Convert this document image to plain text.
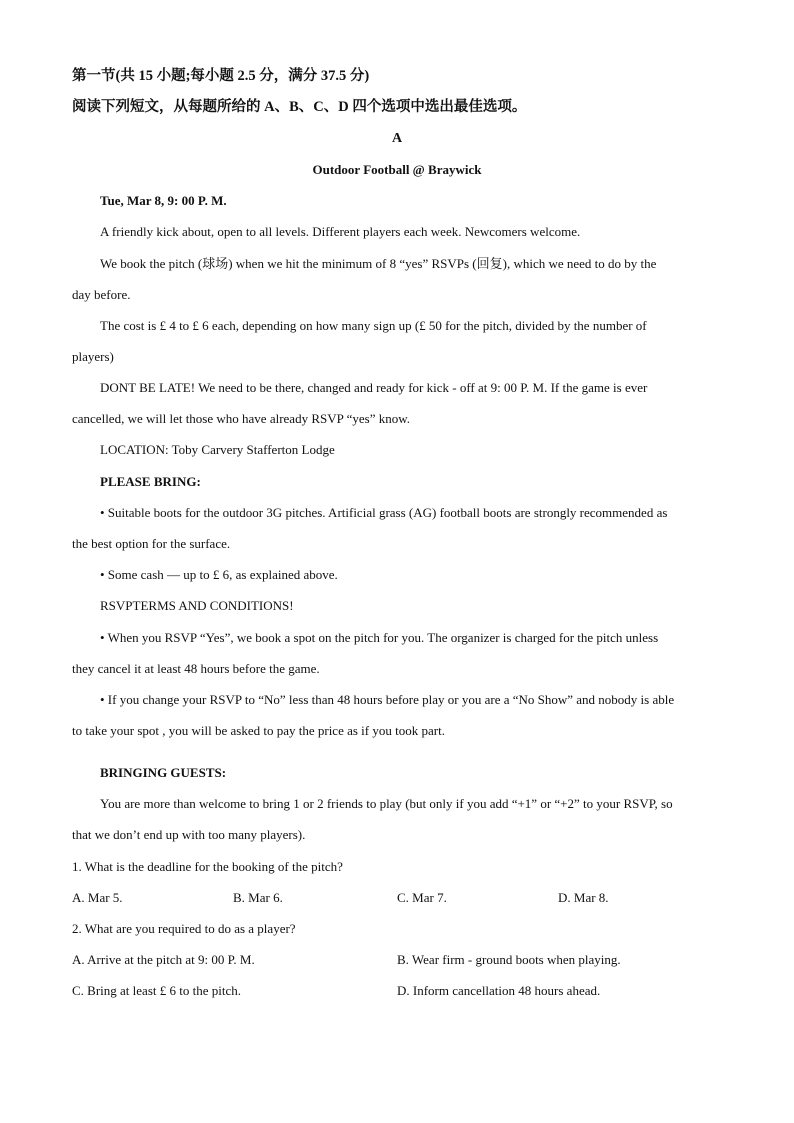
第一节(共 15 小题;每小题 2.5 分，满分 37.5 分)
阅读下列短文，从每题所给的 A、B、C、D 四个选项中选出最佳选项。
A
Outdoor Football @ Braywick
Tue, Mar 8, 9: 00 P. M.
A friendly kick about, open to all levels. Different players each week. Newcomers welcome.
We book the pitch (球场) when we hit the minimum of 8 “yes” RSVPs (回复), which we need to do by the
day before.
The cost is £ 4 to £ 6 each, depending on how many sign up (£ 50 for the pitch, divided by the number of
players)
DONT BE LATE! We need to be there, changed and ready for kick - off at 9: 00 P. M. If the game is ever
cancelled, we will let those who have already RSVP “yes” know.
LOCATION: Toby Carvery Stafferton Lodge
PLEASE BRING:
• Suitable boots for the outdoor 3G pitches. Artificial grass (AG) football boots are strongly recommended as
the best option for the surface.
• Some cash — up to £ 6, as explained above.
RSVPTERMS AND CONDITIONS!
• When you RSVP “Yes”, we book a spot on the pitch for you. The organizer is charged for the pitch unless
they cancel it at least 48 hours before the game.
• If you change your RSVP to “No” less than 48 hours before play or you are a “No Show” and nobody is able
to take your spot , you will be asked to pay the price as if you took part.
BRINGING GUESTS:
You are more than welcome to bring 1 or 2 friends to play (but only if you add “+1” or “+2” to your RSVP, so
that we don’t end up with too many players).
1. What is the deadline for the booking of the pitch?
A. Mar 5.	B. Mar 6.	C. Mar 7.	D. Mar 8.
2. What are you required to do as a player?
A. Arrive at the pitch at 9: 00 P. M.	B. Wear firm - ground boots when playing.
C. Bring at least £ 6 to the pitch.	D. Inform cancellation 48 hours ahead.
